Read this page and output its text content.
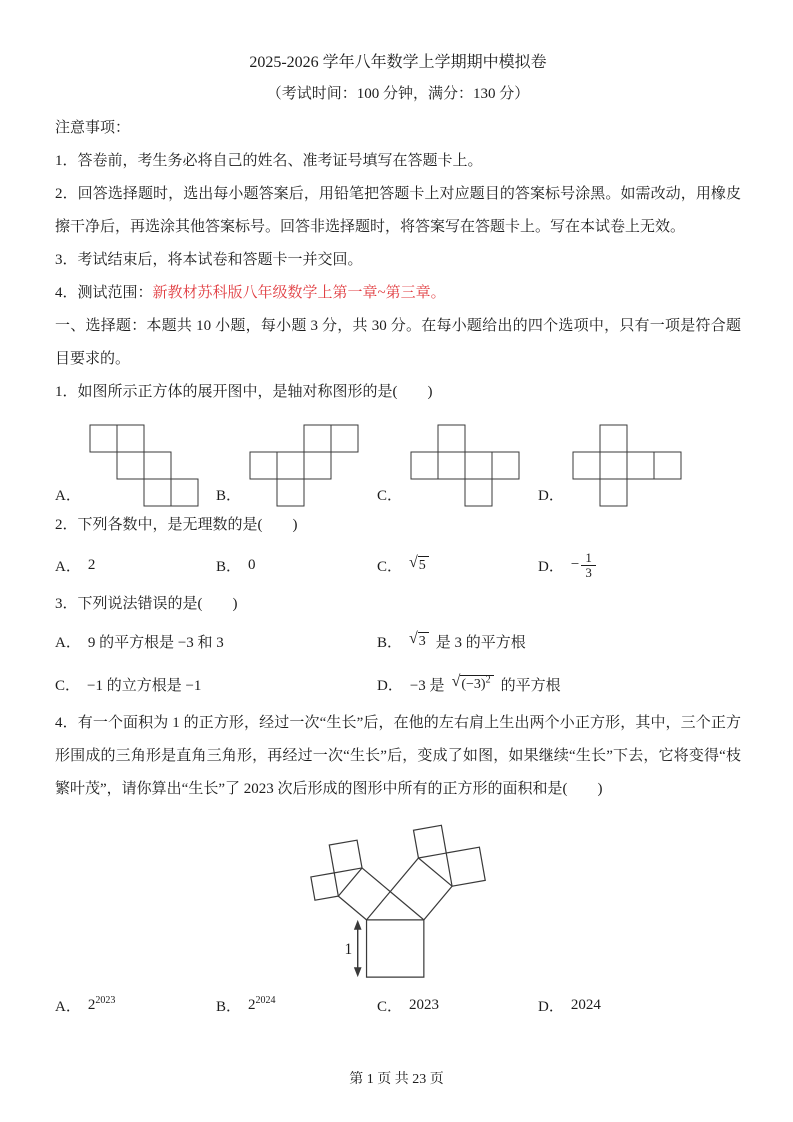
2025-2026 学年八年数学上学期期中模拟卷
（考试时间：100 分钟，满分：130 分）
注意事项：
1．答卷前，考生务必将自己的姓名、准考证号填写在答题卡上。
2．回答选择题时，选出每小题答案后，用铅笔把答题卡上对应题目的答案标号涂黑。如需改动，用橡皮擦干净后，再选涂其他答案标号。回答非选择题时，将答案写在答题卡上。写在本试卷上无效。
3．考试结束后，将本试卷和答题卡一并交回。
4．测试范围：新教材苏科版八年级数学上第一章~第三章。
一、选择题：本题共 10 小题，每小题 3 分，共 30 分。在每小题给出的四个选项中，只有一项是符合题目要求的。
1．如图所示正方体的展开图中，是轴对称图形的是(　　)
A．	B．	C．	D．
2．下列各数中，是无理数的是(　　)
A． 2	B． 0	C． √ 5	D． − $\frac{1}{3}$
3．下列说法错误的是(　　)
A． 9 的平方根是 −3 和 3	B． √ 3 是 3 的平方根
C． −1 的立方根是 −1	D． −3 是 √ $(-3)^2$ 的平方根
4．有一个面积为 1 的正方形，经过一次“生长”后，在他的左右肩上生出两个小正方形，其中，三个正方形围成的三角形是直角三角形，再经过一次“生长”后，变成了如图，如果继续“生长”下去，它将变得“枝繁叶茂”，请你算出“生长”了 2023 次后形成的图形中所有的正方形的面积和是(　　)
1
A． $2^{2023}$	B． $2^{2024}$	C． 2023	D． 2024
第 1 页 共 23 页
